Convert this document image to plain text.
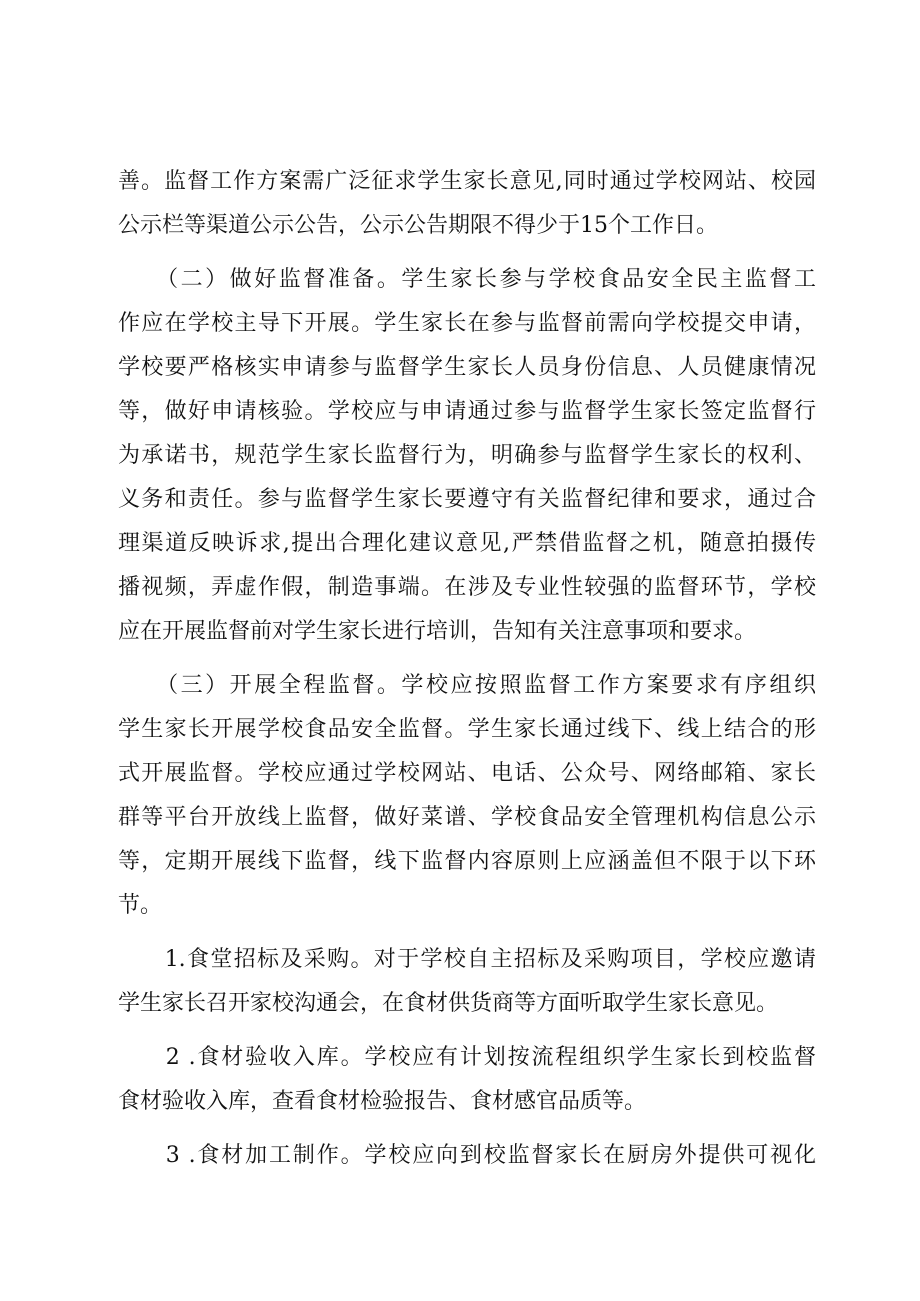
善。监督工作方案需广泛征求学生家长意见,同时通过学校网站、校园
公示栏等渠道公示公告，公示公告期限不得少于15个工作日。
　　（二）做好监督准备。学生家长参与学校食品安全民主监督工
作应在学校主导下开展。学生家长在参与监督前需向学校提交申请，
学校要严格核实申请参与监督学生家长人员身份信息、人员健康情况
等，做好申请核验。学校应与申请通过参与监督学生家长签定监督行
为承诺书，规范学生家长监督行为，明确参与监督学生家长的权利、
义务和责任。参与监督学生家长要遵守有关监督纪律和要求，通过合
理渠道反映诉求,提出合理化建议意见,严禁借监督之机，随意拍摄传
播视频，弄虚作假，制造事端。在涉及专业性较强的监督环节，学校
应在开展监督前对学生家长进行培训，告知有关注意事项和要求。
　　（三）开展全程监督。学校应按照监督工作方案要求有序组织
学生家长开展学校食品安全监督。学生家长通过线下、线上结合的形
式开展监督。学校应通过学校网站、电话、公众号、网络邮箱、家长
群等平台开放线上监督，做好菜谱、学校食品安全管理机构信息公示
等，定期开展线下监督，线下监督内容原则上应涵盖但不限于以下环
节。
　　1.食堂招标及采购。对于学校自主招标及采购项目，学校应邀请
学生家长召开家校沟通会，在食材供货商等方面听取学生家长意见。
　　2 .食材验收入库。学校应有计划按流程组织学生家长到校监督
食材验收入库，查看食材检验报告、食材感官品质等。
　　3 .食材加工制作。学校应向到校监督家长在厨房外提供可视化
